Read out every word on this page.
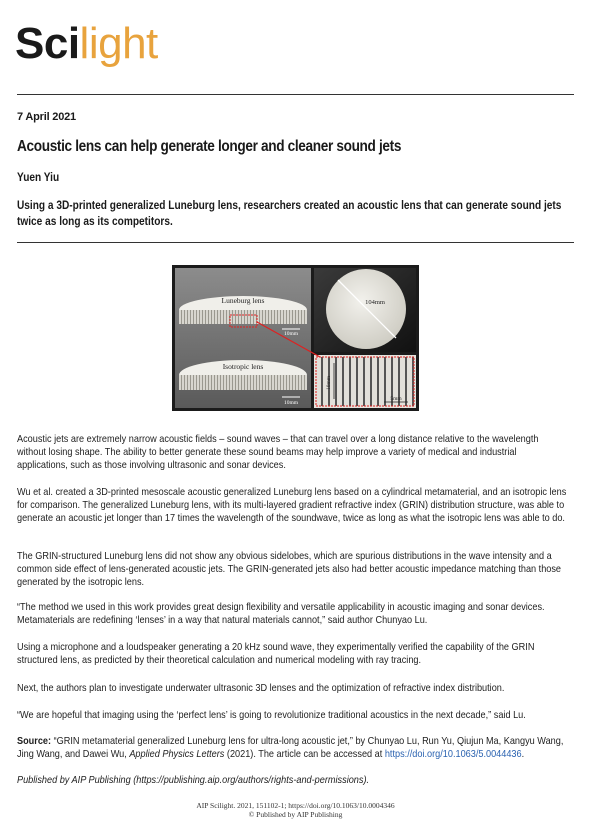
Scilight
7 April 2021
Acoustic lens can help generate longer and cleaner sound jets
Yuen Yiu
Using a 3D-printed generalized Luneburg lens, researchers created an acoustic lens that can generate sound jets twice as long as its competitors.
Luneburg lens
10mm
Isotropic lens
10mm
104mm
10mm
5mm
Acoustic jets are extremely narrow acoustic fields – sound waves – that can travel over a long distance relative to the wavelength without losing shape. The ability to better generate these sound beams may help improve a variety of medical and industrial applications, such as those involving ultrasonic and sonar devices.
Wu et al. created a 3D-printed mesoscale acoustic generalized Luneburg lens based on a cylindrical metamaterial, and an isotropic lens for comparison. The generalized Luneburg lens, with its multi-layered gradient refractive index (GRIN) distribution structure, was able to generate an acoustic jet longer than 17 times the wavelength of the soundwave, twice as long as what the isotropic lens was able to do.
The GRIN-structured Luneburg lens did not show any obvious sidelobes, which are spurious distributions in the wave intensity and a common side effect of lens-generated acoustic jets. The GRIN-generated jets also had better acoustic impedance matching than those generated by the isotropic lens.
“The method we used in this work provides great design flexibility and versatile applicability in acoustic imaging and sonar devices. Metamaterials are redefining ‘lenses’ in a way that natural materials cannot,” said author Chunyao Lu.
Using a microphone and a loudspeaker generating a 20 kHz sound wave, they experimentally verified the capability of the GRIN structured lens, as predicted by their theoretical calculation and numerical modeling with ray tracing.
Next, the authors plan to investigate underwater ultrasonic 3D lenses and the optimization of refractive index distribution.
“We are hopeful that imaging using the ‘perfect lens’ is going to revolutionize traditional acoustics in the next decade,” said Lu.
Source: “GRIN metamaterial generalized Luneburg lens for ultra-long acoustic jet,” by Chunyao Lu, Run Yu, Qiujun Ma, Kangyu Wang, Jing Wang, and Dawei Wu, Applied Physics Letters (2021). The article can be accessed at https://doi.org/10.1063/5.0044436.
Published by AIP Publishing (https://publishing.aip.org/authors/rights-and-permissions).
AIP Scilight. 2021, 151102-1; https://doi.org/10.1063/10.0004346
© Published by AIP Publishing
